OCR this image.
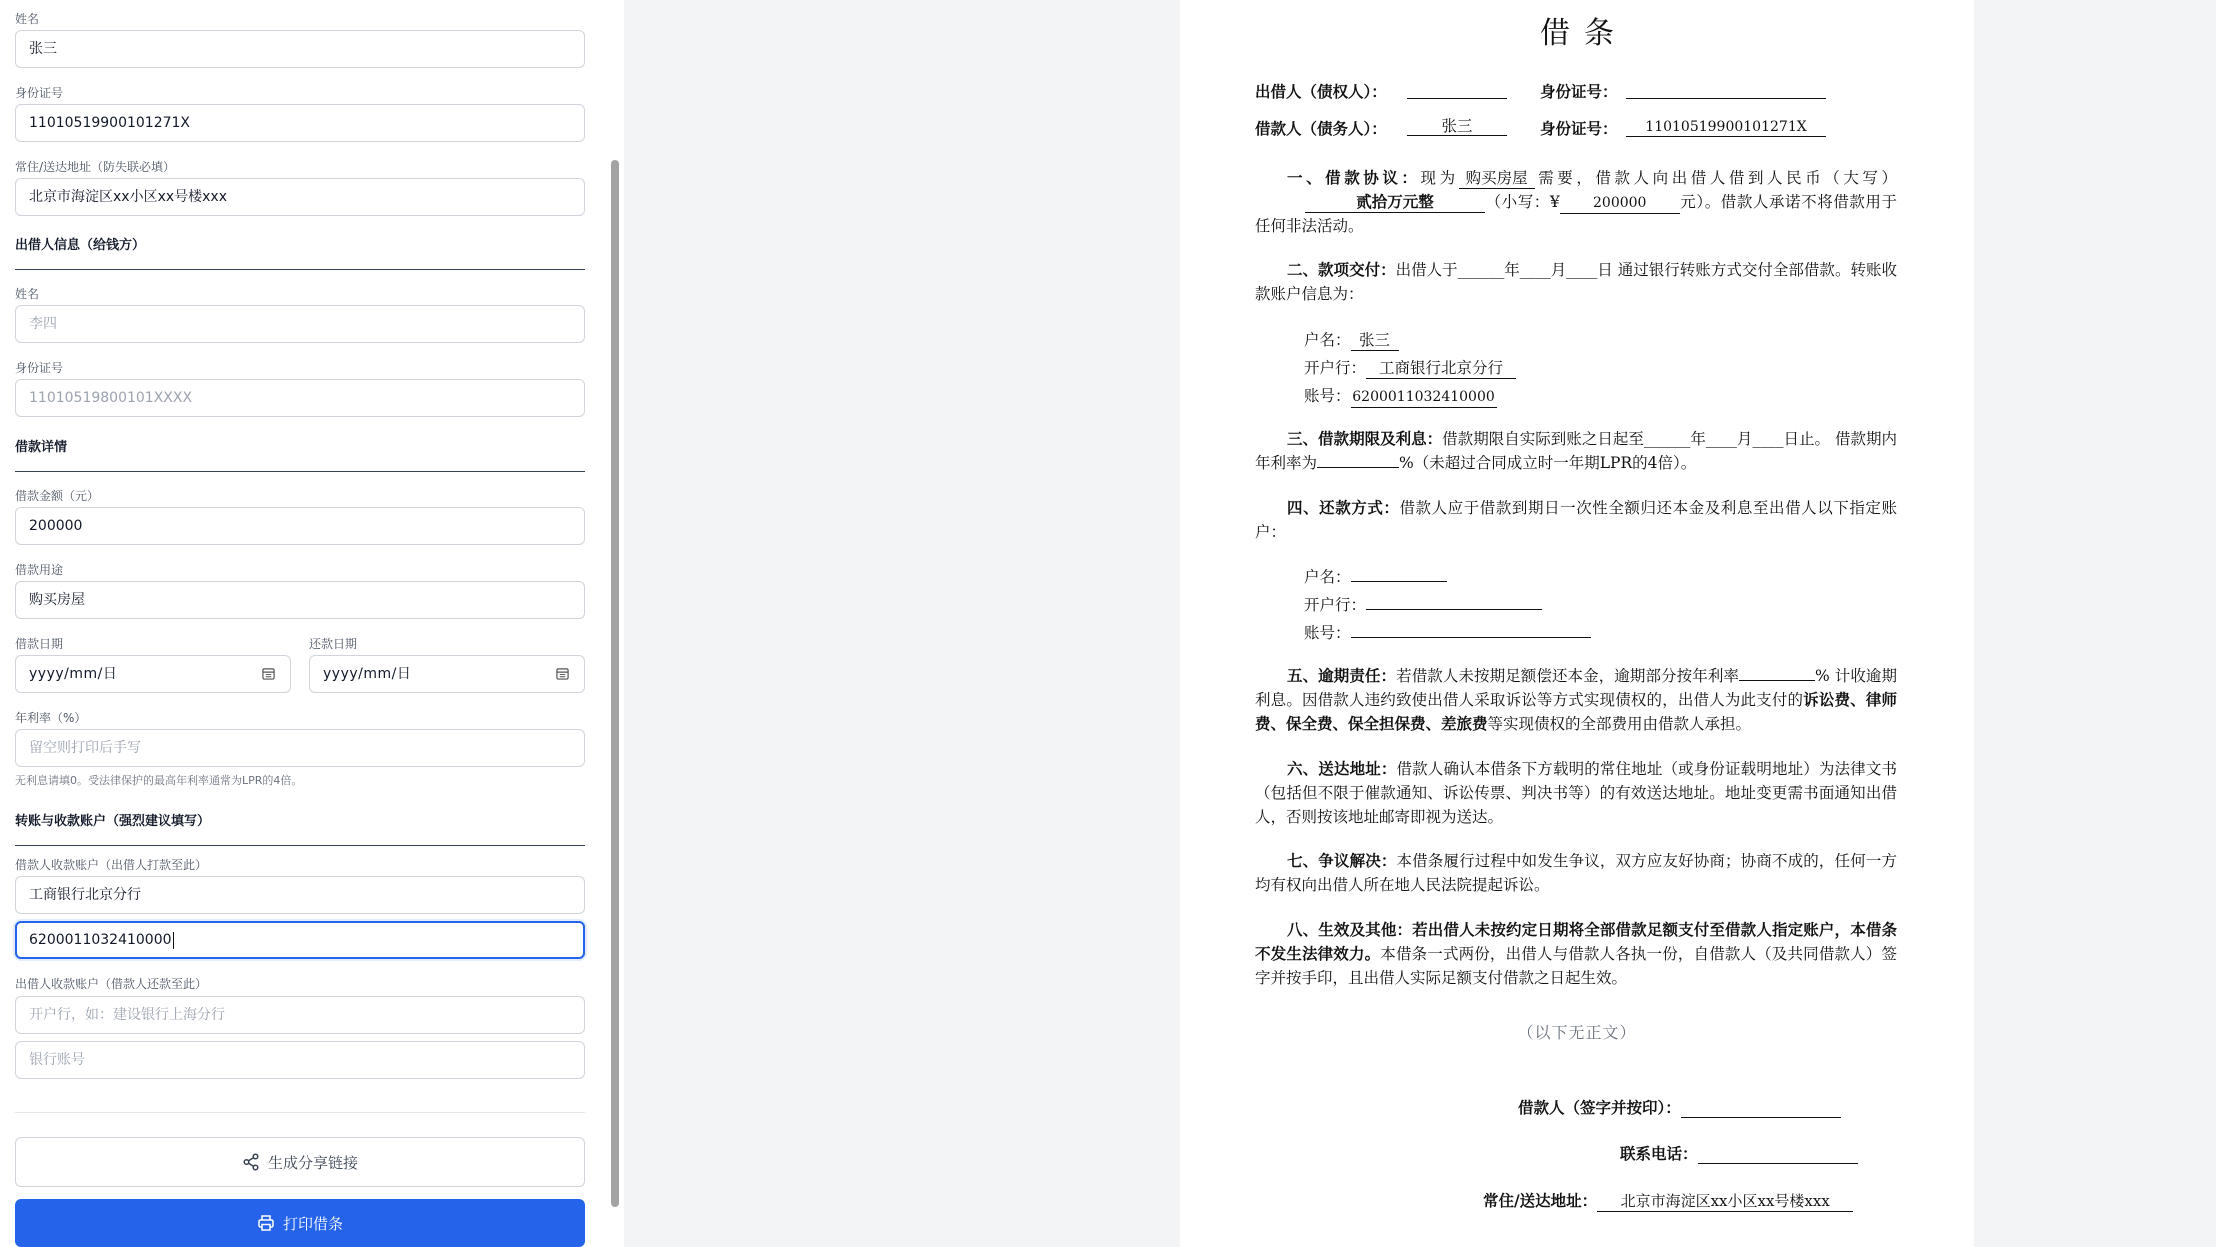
姓名
张三
身份证号
11010519900101271X
常住/送达地址（防失联必填）
北京市海淀区xx小区xx号楼xxx
出借人信息（给钱方）
姓名
李四
身份证号
11010519800101XXXX
借款详情
借款金额（元）
200000
借款用途
购买房屋
借款日期
yyyy/mm/日
还款日期
yyyy/mm/日
年利率（%）
留空则打印后手写
无利息请填0。受法律保护的最高年利率通常为LPR的4倍。
转账与收款账户（强烈建议填写）
借款人收款账户（出借人打款至此）
工商银行北京分行
6200011032410000
出借人收款账户（借款人还款至此）
开户行，如：建设银行上海分行
银行账号
生成分享链接
打印借条
借条
出借人（债权人）：	身份证号：
借款人（债务人）：	张三	身份证号：	11010519900101271X
一、借款协议：现为 购买房屋 需要，借款人向出借人借到人民币（大写） 贰拾万元整	（小写：¥ 200000 元）。借款人承诺不将借款用于任何非法活动。
二、款项交付：出借人于______年____月____日 通过银行转账方式交付全部借款。转账收款账户信息为：
户名： 张三
开户行： 工商银行北京分行
账号： 6200011032410000
三、借款期限及利息：借款期限自实际到账之日起至______年____月____日止。 借款期内年利率为	%（未超过合同成立时一年期LPR的4倍）。
四、还款方式：借款人应于借款到期日一次性全额归还本金及利息至出借人以下指定账户：
户名：
开户行：
账号：
五、逾期责任：若借款人未按期足额偿还本金，逾期部分按年利率	% 计收逾期利息。因借款人违约致使出借人采取诉讼等方式实现债权的，出借人为此支付的诉讼费、律师费、保全费、保全担保费、差旅费等实现债权的全部费用由借款人承担。
六、送达地址：借款人确认本借条下方载明的常住地址（或身份证载明地址）为法律文书（包括但不限于催款通知、诉讼传票、判决书等）的有效送达地址。地址变更需书面通知出借人，否则按该地址邮寄即视为送达。
七、争议解决：本借条履行过程中如发生争议，双方应友好协商；协商不成的，任何一方均有权向出借人所在地人民法院提起诉讼。
八、生效及其他：若出借人未按约定日期将全部借款足额支付至借款人指定账户，本借条不发生法律效力。本借条一式两份，出借人与借款人各执一份，自借款人（及共同借款人）签字并按手印，且出借人实际足额支付借款之日起生效。
（以下无正文）
借款人（签字并按印）：
联系电话：
常住/送达地址： 北京市海淀区xx小区xx号楼xxx
